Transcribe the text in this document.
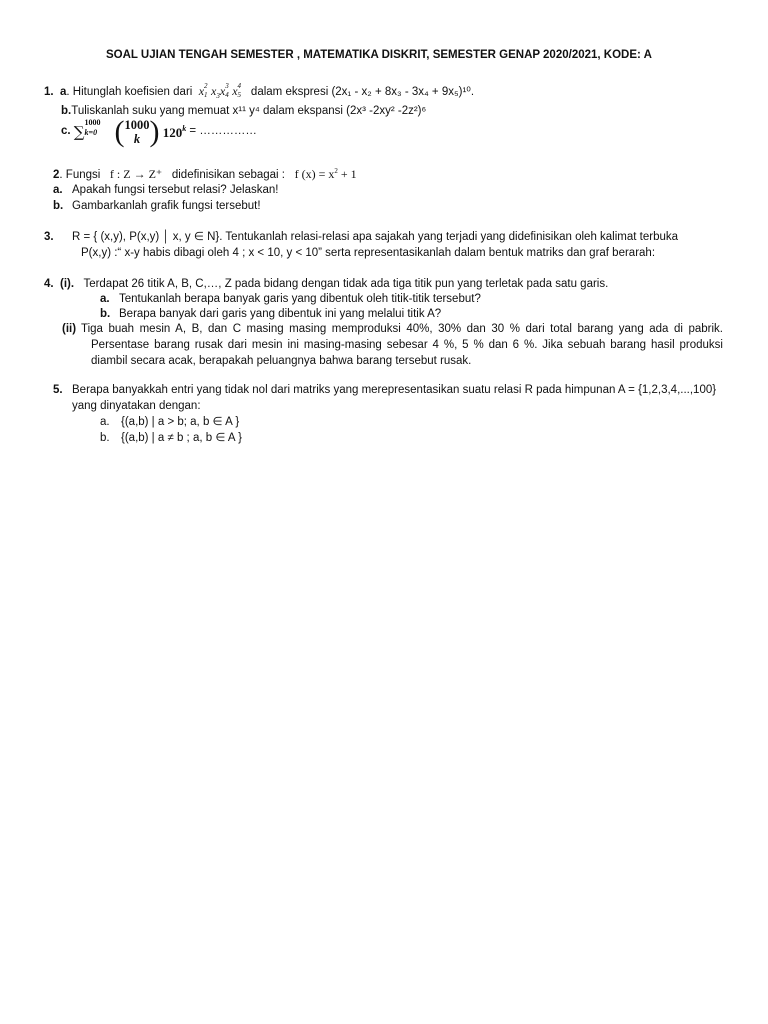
SOAL UJIAN TENGAH SEMESTER , MATEMATIKA DISKRIT, SEMESTER GENAP 2020/2021, KODE: A
1. a. Hitunglah koefisien dari x 2
1 $x_3x$ 3
4 x 4
5 dalam ekspresi (2x₁ - x₂ + 8x₃ - 3x₄ + 9x₅)¹⁰.
b.Tuliskanlah suku yang memuat x¹¹ y⁴ dalam ekspansi (2x³ -2xy² -2z²)⁶
c. ∑
1000
k=0 (1000
k ) $120^k$ = ……………
2. Fungsi f : Z → Z⁺ didefinisikan sebagai : f $(x) = x^2 + 1$
a. Apakah fungsi tersebut relasi? Jelaskan!
b. Gambarkanlah grafik fungsi tersebut!
3. R = { (x,y), P(x,y) │ x, y ∈ N}. Tentukanlah relasi-relasi apa sajakah yang terjadi yang didefinisikan oleh kalimat terbuka
P(x,y) :“ x-y habis dibagi oleh 4 ; x < 10, y < 10” serta representasikanlah dalam bentuk matriks dan graf berarah:
4. (i). Terdapat 26 titik A, B, C,…, Z pada bidang dengan tidak ada tiga titik pun yang terletak pada satu garis.
a. Tentukanlah berapa banyak garis yang dibentuk oleh titik-titik tersebut?
b. Berapa banyak dari garis yang dibentuk ini yang melalui titik A?
(ii) Tiga buah mesin A, B, dan C masing masing memproduksi 40%, 30% dan 30 % dari total barang yang ada di pabrik.
Persentase barang rusak dari mesin ini masing-masing sebesar 4 %, 5 % dan 6 %. Jika sebuah barang hasil produksi
diambil secara acak, berapakah peluangnya bahwa barang tersebut rusak.
5. Berapa banyakkah entri yang tidak nol dari matriks yang merepresentasikan suatu relasi R pada himpunan A = {1,2,3,4,...,100}
yang dinyatakan dengan:
a. {(a,b) | a > b; a, b ∈ A }
b. {(a,b) | a ≠ b ; a, b ∈ A }
